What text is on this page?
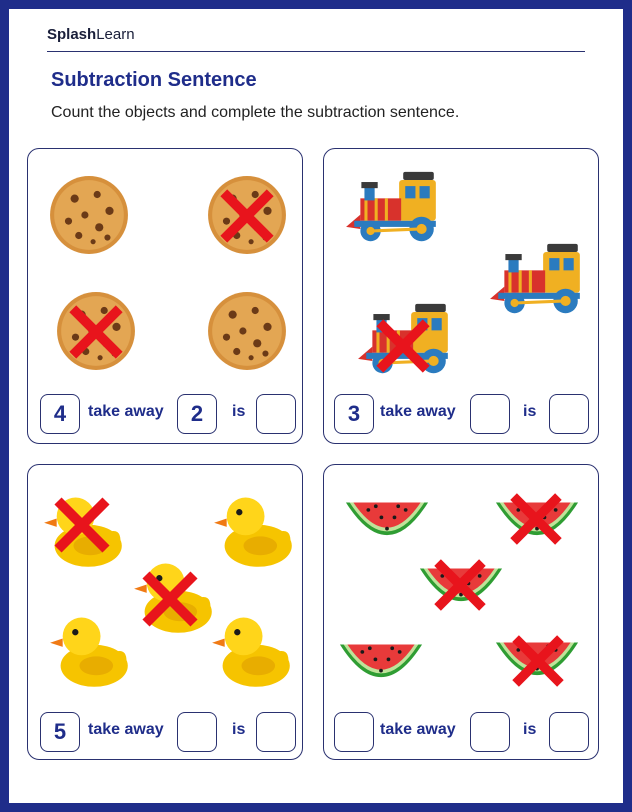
SplashLearn
Subtraction Sentence
Count the objects and complete the subtraction sentence.
4	take away	2	is	3	take away	is
5	take away	is	take away	is
